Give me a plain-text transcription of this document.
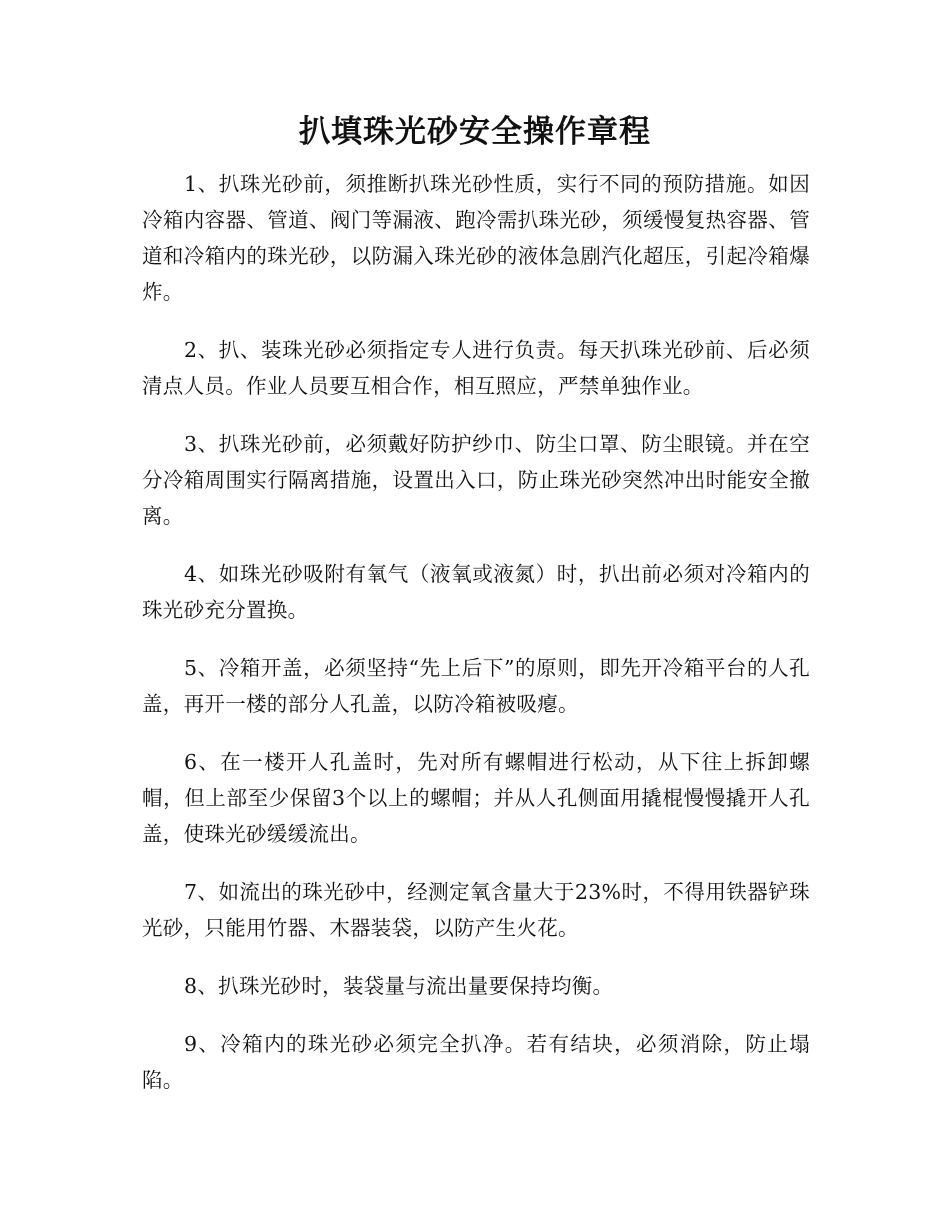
扒填珠光砂安全操作章程

1、扒珠光砂前，须推断扒珠光砂性质，实行不同的预防措施。如因冷箱内容器、管道、阀门等漏液、跑冷需扒珠光砂，须缓慢复热容器、管道和冷箱内的珠光砂，以防漏入珠光砂的液体急剧汽化超压，引起冷箱爆炸。

2、扒、装珠光砂必须指定专人进行负责。每天扒珠光砂前、后必须清点人员。作业人员要互相合作，相互照应，严禁单独作业。

3、扒珠光砂前，必须戴好防护纱巾、防尘口罩、防尘眼镜。并在空分冷箱周围实行隔离措施，设置出入口，防止珠光砂突然冲出时能安全撤离。

4、如珠光砂吸附有氧气（液氧或液氮）时，扒出前必须对冷箱内的珠光砂充分置换。

5、冷箱开盖，必须坚持“先上后下”的原则，即先开冷箱平台的人孔盖，再开一楼的部分人孔盖，以防冷箱被吸瘪。

6、在一楼开人孔盖时，先对所有螺帽进行松动，从下往上拆卸螺帽，但上部至少保留3个以上的螺帽；并从人孔侧面用撬棍慢慢撬开人孔盖，使珠光砂缓缓流出。

7、如流出的珠光砂中，经测定氧含量大于23%时，不得用铁器铲珠光砂，只能用竹器、木器装袋，以防产生火花。

8、扒珠光砂时，装袋量与流出量要保持均衡。

9、冷箱内的珠光砂必须完全扒净。若有结块，必须消除，防止塌陷。
